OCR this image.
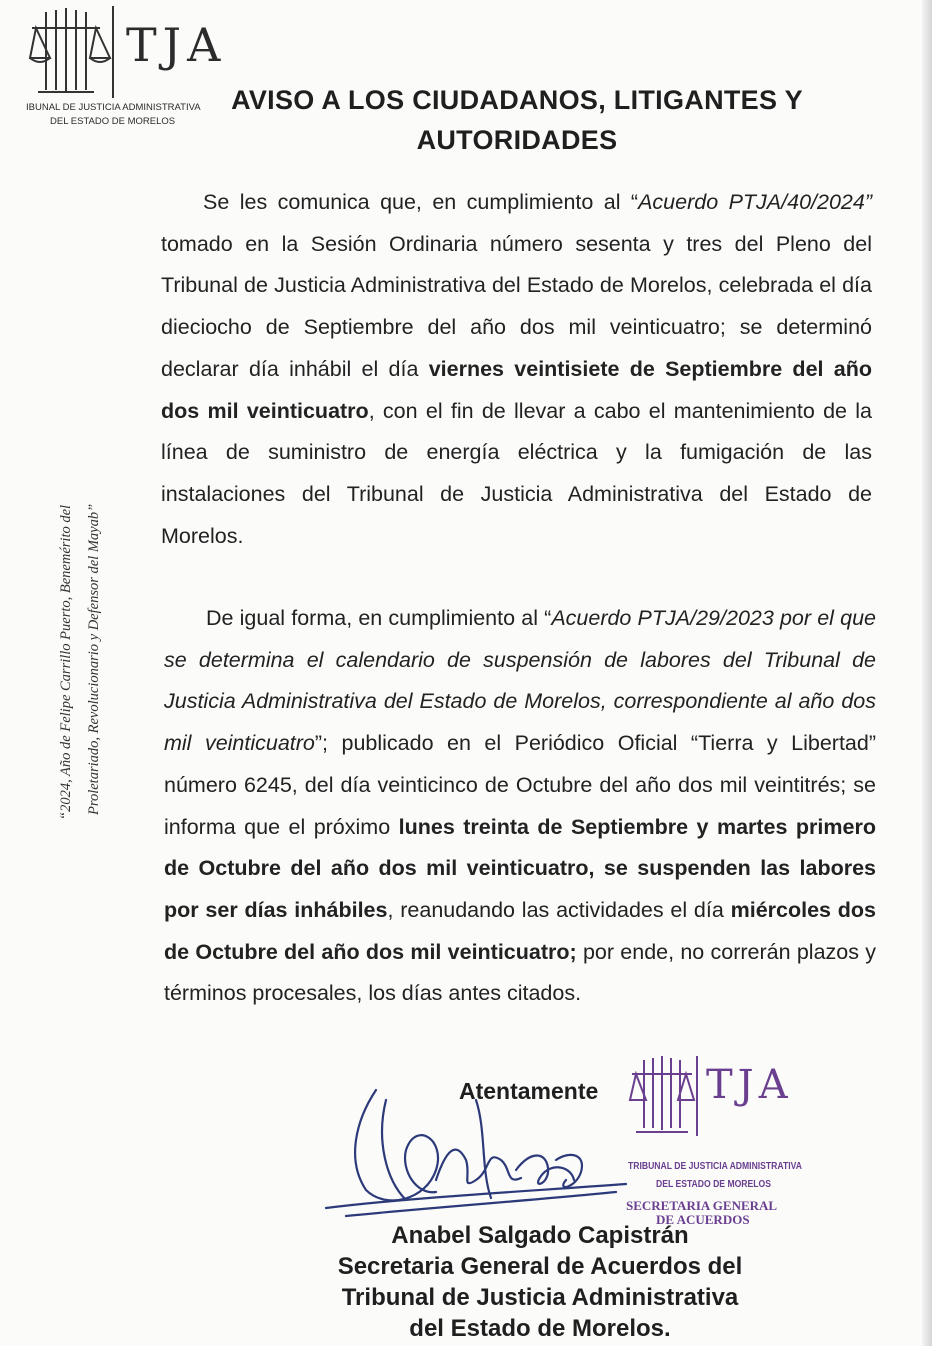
TJA
IBUNAL DE JUSTICIA ADMINISTRATIVA
DEL ESTADO DE MORELOS
AVISO A LOS CIUDADANOS, LITIGANTES Y
AUTORIDADES
“2024, Año de Felipe Carrillo Puerto, Benemérito del Proletariado, Revolucionario y Defensor del Mayab”
Se les comunica que, en cumplimiento al “Acuerdo PTJA/40/2024” tomado en la Sesión Ordinaria número sesenta y tres del Pleno del Tribunal de Justicia Administrativa del Estado de Morelos, celebrada el día dieciocho de Septiembre del año dos mil veinticuatro; se determinó declarar día inhábil el día viernes veintisiete de Septiembre del año dos mil veinticuatro, con el fin de llevar a cabo el mantenimiento de la línea de suministro de energía eléctrica y la fumigación de las instalaciones del Tribunal de Justicia Administrativa del Estado de Morelos.
De igual forma, en cumplimiento al “Acuerdo PTJA/29/2023 por el que se determina el calendario de suspensión de labores del Tribunal de Justicia Administrativa del Estado de Morelos, correspondiente al año dos mil veinticuatro”; publicado en el Periódico Oficial “Tierra y Libertad” número 6245, del día veinticinco de Octubre del año dos mil veintitrés; se informa que el próximo lunes treinta de Septiembre y martes primero de Octubre del año dos mil veinticuatro, se suspenden las labores por ser días inhábiles, reanudando las actividades el día miércoles dos de Octubre del año dos mil veinticuatro; por ende, no correrán plazos y términos procesales, los días antes citados.
Atentamente
Anabel Salgado Capistrán
Secretaria General de Acuerdos del
Tribunal de Justicia Administrativa
del Estado de Morelos.
TJA
TRIBUNAL DE JUSTICIA ADMINISTRATIVA
DEL ESTADO DE MORELOS
SECRETARIA GENERAL
DE ACUERDOS
